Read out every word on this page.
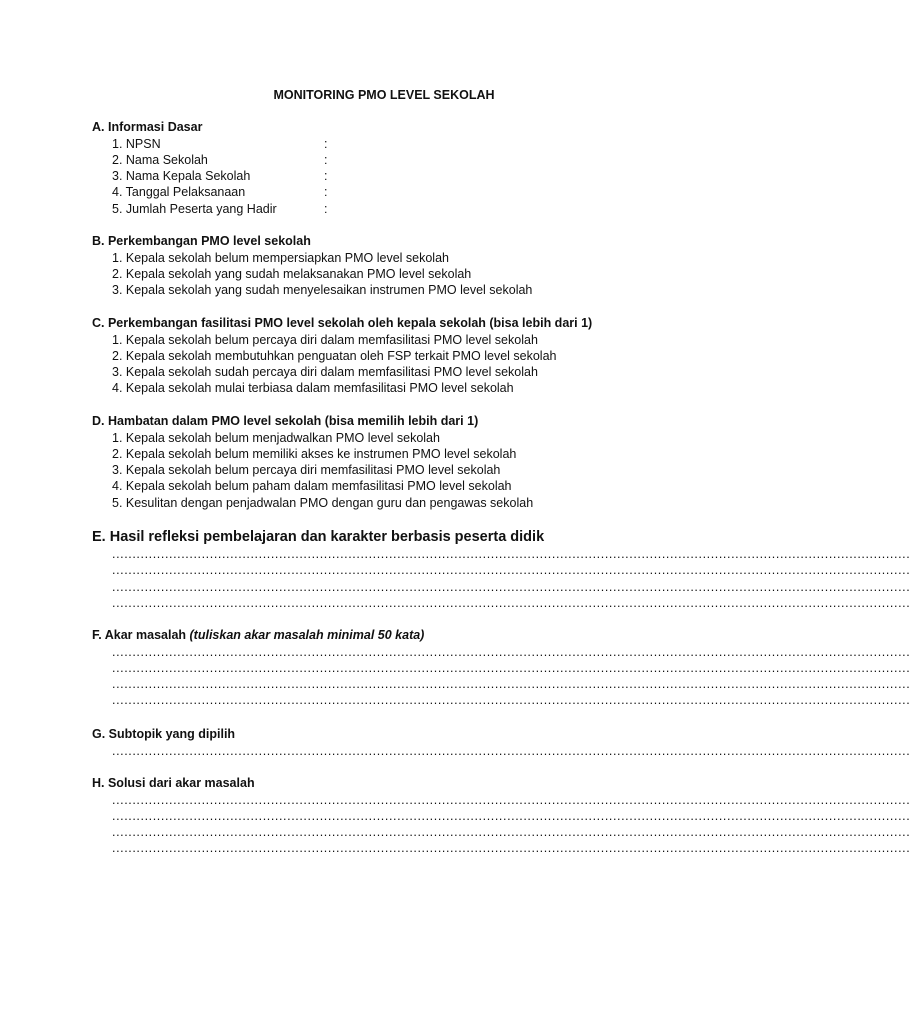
MONITORING PMO LEVEL SEKOLAH
A. Informasi Dasar
1. NPSN	:
2. Nama Sekolah	:
3. Nama Kepala Sekolah	:
4. Tanggal Pelaksanaan	:
5. Jumlah Peserta yang Hadir	:
B. Perkembangan PMO level sekolah
1. Kepala sekolah belum mempersiapkan PMO level sekolah
2. Kepala sekolah yang sudah melaksanakan PMO level sekolah
3. Kepala sekolah yang sudah menyelesaikan instrumen PMO level sekolah
C. Perkembangan fasilitasi PMO level sekolah oleh kepala sekolah (bisa lebih dari 1)
1. Kepala sekolah belum percaya diri dalam memfasilitasi PMO level sekolah
2. Kepala sekolah membutuhkan penguatan oleh FSP terkait PMO level sekolah
3. Kepala sekolah sudah percaya diri dalam memfasilitasi PMO level sekolah
4. Kepala sekolah mulai terbiasa dalam memfasilitasi PMO level sekolah
D. Hambatan dalam PMO level sekolah (bisa memilih lebih dari 1)
1. Kepala sekolah belum menjadwalkan PMO level sekolah
2. Kepala sekolah belum memiliki akses ke instrumen PMO level sekolah
3. Kepala sekolah belum percaya diri memfasilitasi PMO level sekolah
4. Kepala sekolah belum paham dalam memfasilitasi PMO level sekolah
5. Kesulitan dengan penjadwalan PMO dengan guru dan pengawas sekolah
E. Hasil refleksi pembelajaran dan karakter berbasis peserta didik
....................................................................................................................................................................................................
....................................................................................................................................................................................................
....................................................................................................................................................................................................
....................................................................................................................................................................................................
F. Akar masalah (tuliskan akar masalah minimal 50 kata)
....................................................................................................................................................................................................
....................................................................................................................................................................................................
....................................................................................................................................................................................................
....................................................................................................................................................................................................
G. Subtopik yang dipilih
....................................................................................................................................................................................................
H. Solusi dari akar masalah
....................................................................................................................................................................................................
....................................................................................................................................................................................................
....................................................................................................................................................................................................
....................................................................................................................................................................................................
